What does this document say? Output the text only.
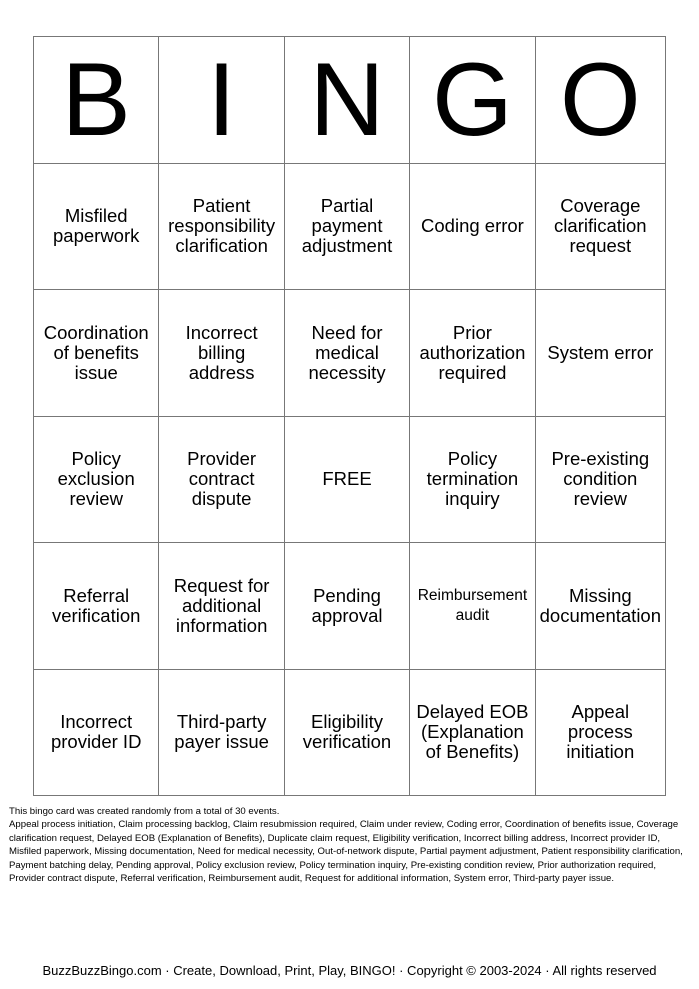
B I N G O
Misfiled paperwork
Patient responsibility clarification
Partial payment adjustment
Coding error
Coverage clarification request
Coordination of benefits issue
Incorrect billing address
Need for medical necessity
Prior authorization required
System error
Policy exclusion review
Provider contract dispute
FREE
Policy termination inquiry
Pre-existing condition review
Referral verification
Request for additional information
Pending approval
Reimbursement audit
Missing documentation
Incorrect provider ID
Third-party payer issue
Eligibility verification
Delayed EOB (Explanation of Benefits)
Appeal process initiation
This bingo card was created randomly from a total of 30 events.
Appeal process initiation, Claim processing backlog, Claim resubmission required, Claim under review, Coding error, Coordination of benefits issue, Coverage clarification request, Delayed EOB (Explanation of Benefits), Duplicate claim request, Eligibility verification, Incorrect billing address, Incorrect provider ID, Misfiled paperwork, Missing documentation, Need for medical necessity, Out-of-network dispute, Partial payment adjustment, Patient responsibility clarification, Payment batching delay, Pending approval, Policy exclusion review, Policy termination inquiry, Pre-existing condition review, Prior authorization required, Provider contract dispute, Referral verification, Reimbursement audit, Request for additional information, System error, Third-party payer issue.
BuzzBuzzBingo.com · Create, Download, Print, Play, BINGO! · Copyright © 2003-2024 · All rights reserved
